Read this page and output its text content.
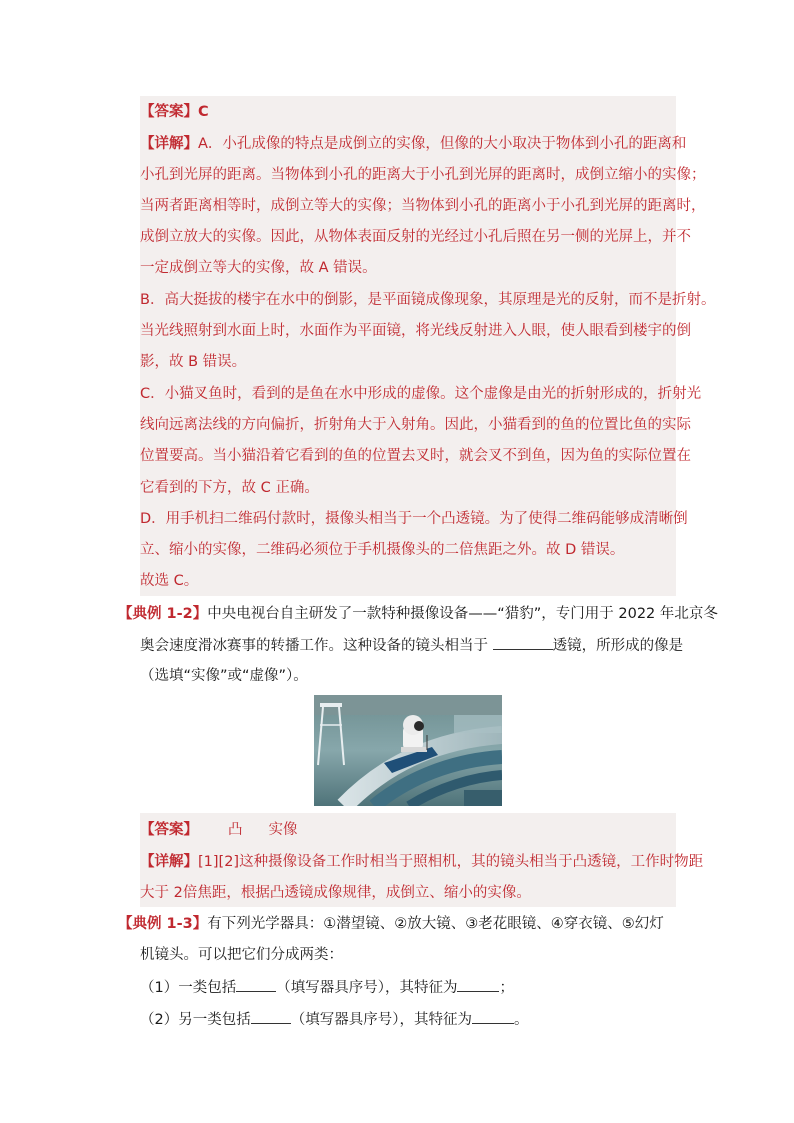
【答案】C
【详解】A．小孔成像的特点是成倒立的实像，但像的大小取决于物体到小孔的距离和
小孔到光屏的距离。当物体到小孔的距离大于小孔到光屏的距离时，成倒立缩小的实像；
当两者距离相等时，成倒立等大的实像；当物体到小孔的距离小于小孔到光屏的距离时，
成倒立放大的实像。因此，从物体表面反射的光经过小孔后照在另一侧的光屏上，并不
一定成倒立等大的实像，故 A 错误。
B．高大挺拔的楼宇在水中的倒影，是平面镜成像现象，其原理是光的反射，而不是折射。
当光线照射到水面上时，水面作为平面镜，将光线反射进入人眼，使人眼看到楼宇的倒
影，故 B 错误。
C．小猫叉鱼时，看到的是鱼在水中形成的虚像。这个虚像是由光的折射形成的，折射光
线向远离法线的方向偏折，折射角大于入射角。因此，小猫看到的鱼的位置比鱼的实际
位置要高。当小猫沿着它看到的鱼的位置去叉时，就会叉不到鱼，因为鱼的实际位置在
它看到的下方，故 C 正确。
D．用手机扫二维码付款时，摄像头相当于一个凸透镜。为了使得二维码能够成清晰倒
立、缩小的实像，二维码必须位于手机摄像头的二倍焦距之外。故 D 错误。
故选 C。
【典例 1-2】中央电视台自主研发了一款特种摄像设备——“猎豹”，专门用于 2022 年北京冬
奥会速度滑冰赛事的转播工作。这种设备的镜头相当于	透镜，所形成的像是
（选填“实像”或“虚像”）。
【答案】 凸 实像
【详解】[1][2]这种摄像设备工作时相当于照相机，其的镜头相当于凸透镜，工作时物距
大于 2倍焦距，根据凸透镜成像规律，成倒立、缩小的实像。
【典例 1-3】有下列光学器具：①潜望镜、②放大镜、③老花眼镜、④穿衣镜、⑤幻灯
机镜头。可以把它们分成两类：
（1）一类包括	（填写器具序号），其特征为	；
（2）另一类包括	（填写器具序号），其特征为	。
